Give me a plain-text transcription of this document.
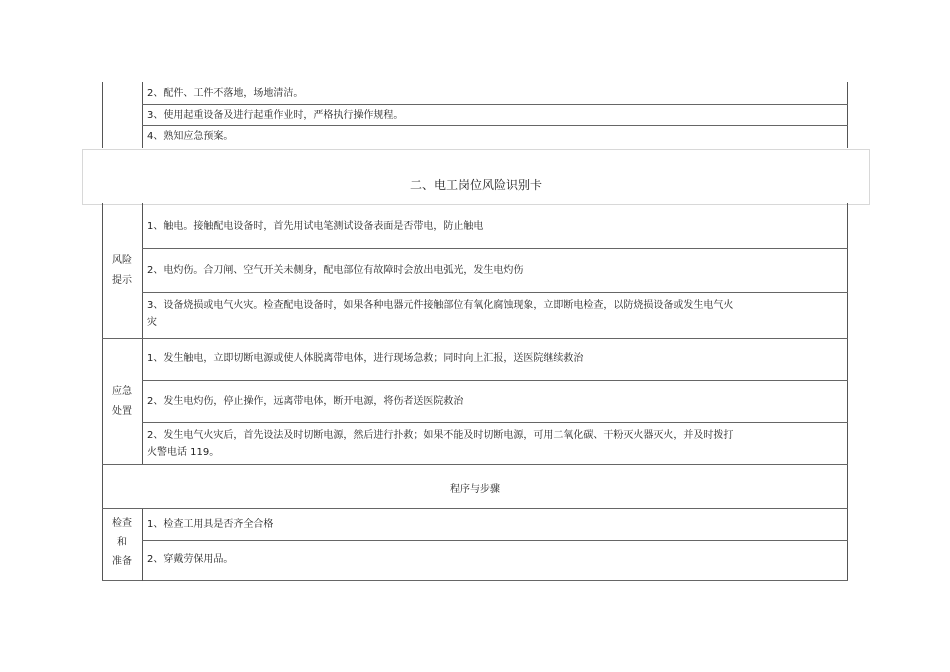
2、配件、工件不落地，场地清洁。
3、使用起重设备及进行起重作业时，严格执行操作规程。
4、熟知应急预案。
二、电工岗位风险识别卡
风险
提示
1、触电。接触配电设备时，首先用试电笔测试设备表面是否带电，防止触电
2、电灼伤。合刀闸、空气开关未侧身，配电部位有故障时会放出电弧光，发生电灼伤
3、设备烧损或电气火灾。检查配电设备时，如果各种电器元件接触部位有氧化腐蚀现象，立即断电检查，以防烧损设备或发生电气火
灾
应急
处置
1、发生触电，立即切断电源或使人体脱离带电体，进行现场急救；同时向上汇报，送医院继续救治
2、发生电灼伤，停止操作，远离带电体，断开电源，将伤者送医院救治
2、发生电气火灾后，首先设法及时切断电源，然后进行扑救；如果不能及时切断电源，可用二氧化碳、干粉灭火器灭火，并及时拨打
火警电话 119。
程序与步骤
检查
和
准备
1、检查工用具是否齐全合格
2、穿戴劳保用品。
